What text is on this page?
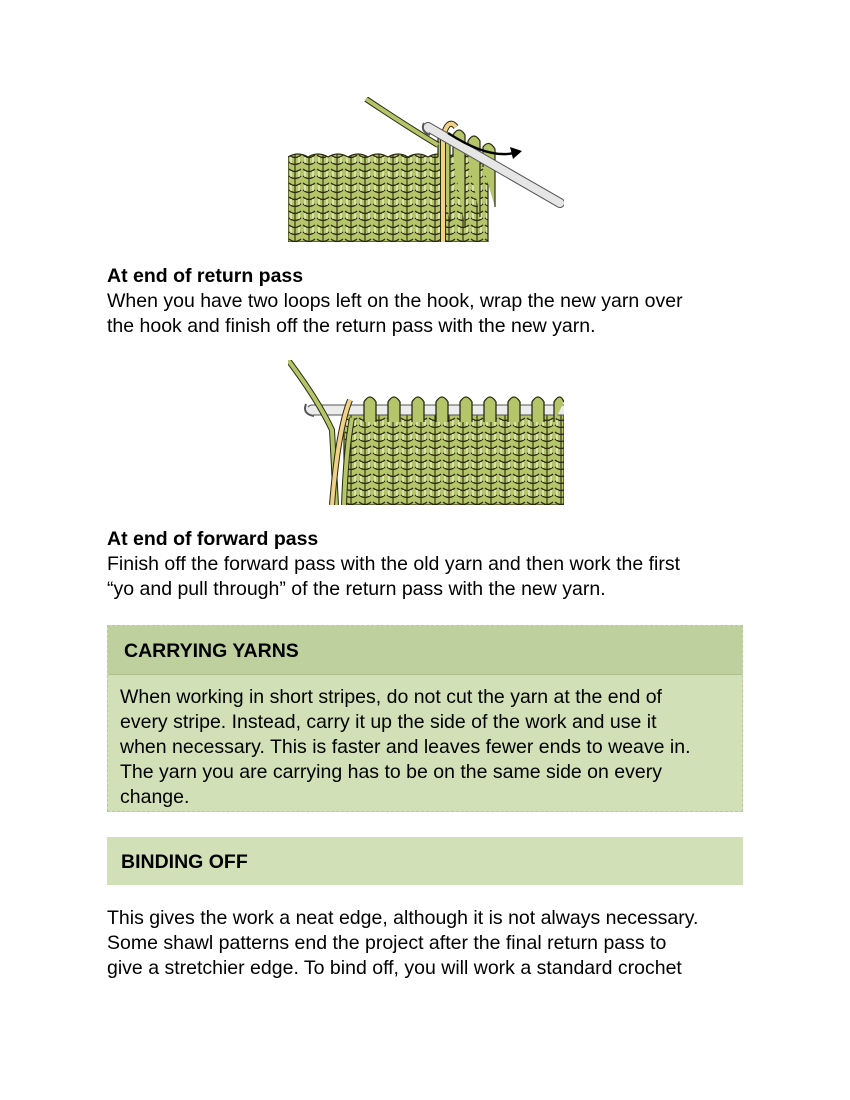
At end of return pass

When you have two loops left on the hook, wrap the new yarn over
the hook and finish off the return pass with the new yarn.

At end of forward pass

Finish off the forward pass with the old yarn and then work the first
“yo and pull through” of the return pass with the new yarn.

CARRYING YARNS
When working in short stripes, do not cut the yarn at the end of
every stripe. Instead, carry it up the side of the work and use it
when necessary. This is faster and leaves fewer ends to weave in.
The yarn you are carrying has to be on the same side on every
change.
BINDING OFF

This gives the work a neat edge, although it is not always necessary.
Some shawl patterns end the project after the final return pass to
give a stretchier edge. To bind off, you will work a standard crochet
